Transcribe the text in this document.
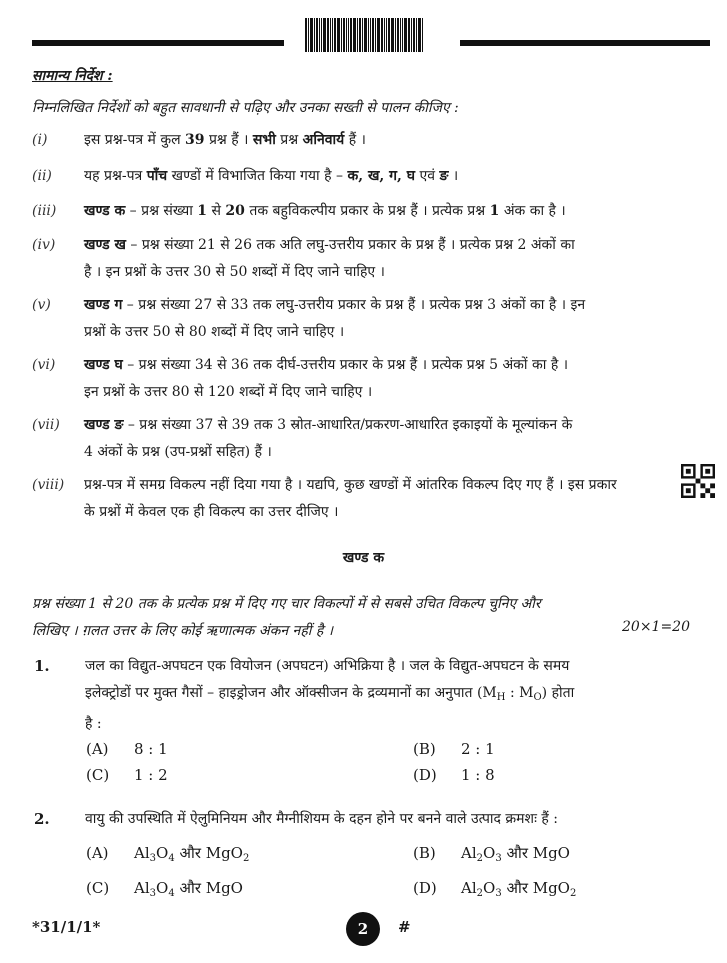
सामान्य निर्देश :
निम्नलिखित निर्देशों को बहुत सावधानी से पढ़िए और उनका सख्ती से पालन कीजिए :
(i)	इस प्रश्न-पत्र में कुल 39 प्रश्न हैं । सभी प्रश्न अनिवार्य हैं ।
(ii) यह प्रश्न-पत्र पाँच खण्डों में विभाजित किया गया है – क, ख, ग, घ एवं ङ ।
(iii) खण्ड क – प्रश्न संख्या 1 से 20 तक बहुविकल्पीय प्रकार के प्रश्न हैं । प्रत्येक प्रश्न 1 अंक का है ।
(iv) खण्ड ख – प्रश्न संख्या 21 से 26 तक अति लघु-उत्तरीय प्रकार के प्रश्न हैं । प्रत्येक प्रश्न 2 अंकों का
है । इन प्रश्नों के उत्तर 30 से 50 शब्दों में दिए जाने चाहिए ।
(v) खण्ड ग – प्रश्न संख्या 27 से 33 तक लघु-उत्तरीय प्रकार के प्रश्न हैं । प्रत्येक प्रश्न 3 अंकों का है । इन
प्रश्नों के उत्तर 50 से 80 शब्दों में दिए जाने चाहिए ।
(vi) खण्ड घ – प्रश्न संख्या 34 से 36 तक दीर्घ-उत्तरीय प्रकार के प्रश्न हैं । प्रत्येक प्रश्न 5 अंकों का है ।
इन प्रश्नों के उत्तर 80 से 120 शब्दों में दिए जाने चाहिए ।
(vii) खण्ड ङ – प्रश्न संख्या 37 से 39 तक 3 स्रोत-आधारित/प्रकरण-आधारित इकाइयों के मूल्यांकन के
4 अंकों के प्रश्न (उप-प्रश्नों सहित) हैं ।
(viii) प्रश्न-पत्र में समग्र विकल्प नहीं दिया गया है । यद्यपि, कुछ खण्डों में आंतरिक विकल्प दिए गए हैं । इस प्रकार
के प्रश्नों में केवल एक ही विकल्प का उत्तर दीजिए ।
खण्ड क
प्रश्न संख्या 1 से 20 तक के प्रत्येक प्रश्न में दिए गए चार विकल्पों में से सबसे उचित विकल्प चुनिए और
लिखिए । ग़लत उत्तर के लिए कोई ऋणात्मक अंकन नहीं है ।	20×1=20
1.	जल का विद्युत-अपघटन एक वियोजन (अपघटन) अभिक्रिया है । जल के विद्युत-अपघटन के समय
इलेक्ट्रोडों पर मुक्त गैसों – हाइड्रोजन और ऑक्सीजन के द्रव्यमानों का अनुपात ($M_H$ : $M_O$) होता
है :
(A) 8 : 1	(B) 2 : 1
(C) 1 : 2	(D) 1 : 8
2.	वायु की उपस्थिति में ऐलुमिनियम और मैग्नीशियम के दहन होने पर बनने वाले उत्पाद क्रमशः हैं :
(A) $Al_3O_4$ और MgO$_2$	(B) $Al_2O_3$ और MgO
(C) $Al_3O_4$ और MgO	(D) $Al_2O_3$ और MgO$_2$
*31/1/1*	2	#
